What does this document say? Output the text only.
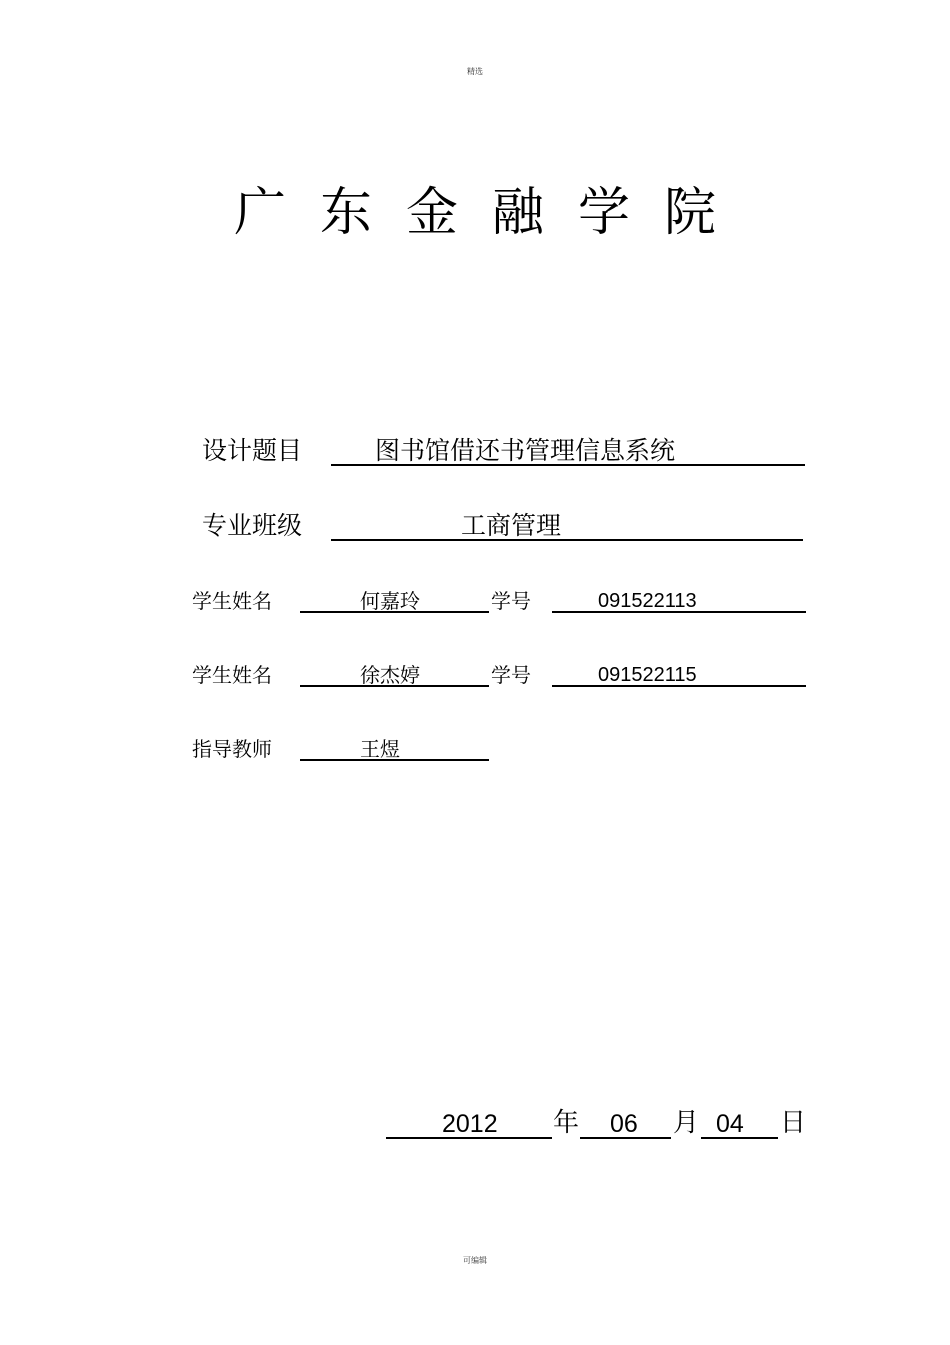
精选
广东金融学院
设计题目	图书馆借还书管理信息系统
专业班级	工商管理
学生姓名	何嘉玲	学号	091522113
学生姓名	徐杰婷	学号	091522115
指导教师	王煜
2012 年 06 月 04 日
可编辑
